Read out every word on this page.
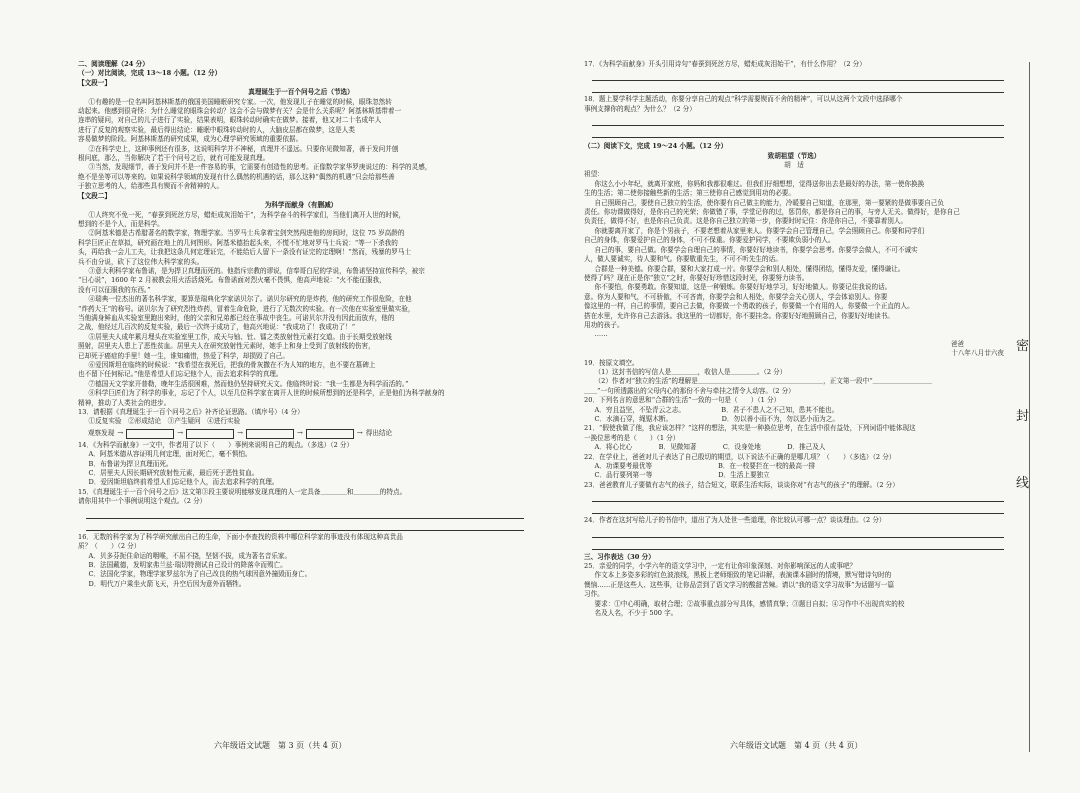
二、阅读理解（24 分）
（一）对比阅读，完成 13～18 小题。（12 分）
【文段一】
真理诞生于一百个问号之后（节选）
①有趣的是一位名叫阿基林斯基的俄国美国睡眠研究专家。一次，他发现儿子在睡觉的时候，眼珠忽然转
动起来。他感到很奇怪：为什么睡觉的眼珠会转动？这会不会与做梦有关？会是什么关系呢？阿基林斯基带着一
连串的疑问，对自己的儿子进行了实验，结果表明，眼珠转动时确实在做梦。接着，他又对二十名成年人
进行了反复的观察实验，最后得出结论：睡眠中眼珠转动时的人，大脑皮层都在做梦，这是人类
容易做梦的阶段。阿基林斯基的研究成果，成为心理学研究领域的重要依据。
②在科学史上，这种事例还有很多，这说明科学并不神秘，真理并不遥远。只要你见微知著，善于发问并刨
根问底，那么，当你解决了若干个问号之后，就有可能发现真理。
③当然，发现细节，善于发问并不是一件容易的事，它需要有创造性的思考。正像数学家华罗庚说过的：科学的灵感，
绝不是坐等可以等来的。如果说科学领域的发现有什么偶然的机遇的话，那么这种“偶然的机遇”只会给那些善
于独立思考的人，给那些具有锲而不舍精神的人。
【文段二】
为科学而献身（有删减）
①人终究不免一死，“春蚕到死丝方尽，蜡炬成灰泪始干”，为科学奋斗的科学家们，当他们离开人世的时候，
想到的不是个人，而是科学。
②阿基米德是古希腊著名的数学家，物理学家。当罗马士兵拿着宝剑突然闯进他的房间时，这位 75 岁高龄的
科学巨匠正在草拟，研究画在地上的几何图形。阿基米德抬起头来，不慌不忙地对罗马士兵说：“等一下杀我的
头，再给我一会儿工夫，让我把这条几何定理证完，不能给后人留下一条没有证完的定理啊！”然而，残暴的罗马士
兵不由分说，砍下了这位伟大科学家的头。
③意大利科学家布鲁诺，是为捍卫真理而死的。他指斥宗教的谬说，信奉哥白尼的学说，布鲁诺坚持宣传科学，被宗
“日心说”，1600 年 2 月被教会用火活活烧死。布鲁诺面对烈火毫不畏惧，他高声地说：“火不能征服我，
没有可以征服我的东西。”
④瑞典一位杰出的著名科学家，要算是瑞典化学家诺贝尔了。诺贝尔研究的是炸药，他的研究工作很危险，在他
“炸药大王”的称号。诺贝尔为了研究烈性炸药，冒着生命危险，进行了无数次的实验。有一次他在实验室里做实验，
当他满身鲜血从实验室里跑出来时，他的父亲和兄弟都已经在事故中丧生。可诺贝尔并没有因此而放弃，他的
之战，他经过几百次的反复实验，最后一次终于成功了，他高兴地说：“我成功了！我成功了！”
⑤居里夫人成年累月埋头在实验室里工作，成天与铀、钍、镭之类放射性元素打交道。由于长期受放射线
照射，居里夫人患上了恶性贫血。居里夫人在研究放射性元素时，她手上和身上受到了放射线的伤害，
已却死于癌症的手里！她一生，谁知痛惜，热爱了科学，却损毁了自己。
⑥爱因斯坦在临终的时候说：“我希望在我死后，把我的骨灰撒在不为人知的地方，也不要在墓碑上
也不留下任何标记。”他是希望人们忘记他个人，而去追求科学的真理。
⑦德国天文学家开普勒，晚年生活很困难，然而他仍坚持研究天文。他临终时说：“我一生都是为科学而活的。”
⑧科学巨匠们为了科学的事业，忘记了个人，以至几位科学家在离开人世的时候所想到的还是科学，正是他们为科学献身的
精神，推动了人类社会的进步。
13．请根据《真理诞生于一百个问号之后》补齐论证思路。（填序号）（4 分）
①反复实验　②形成结论　③产生疑问　④进行实验
观察发现 →	→	→	→	→ 得出结论
14．《为科学而献身》一文中，作者用了以下（　　）事例来说明自己的观点。（多选）（2 分）
A．阿基米德从容证明几何定理，面对死亡，毫不惧怕。
B．布鲁诺为捍卫真理而死。
C．居里夫人因长期研究放射性元素，最后死于恶性贫血。
D．爱因斯坦临终前希望人们忘记他个人，而去追求科学的真理。
15．《真理诞生于一百个问号之后》这文第③段主要说明能够发现真理的人一定具备＿＿＿＿和＿＿＿＿的特点。
请你用其中一个事例说明这个观点。（2 分）
16．无数的科学家为了科学研究献出自己的生命，下面小李查找的资料中哪位科学家的事迹没有体现这种高贵品
质？（　　）（2 分）
A．贝多芬扼住命运的咽喉，不屈不挠，坚韧不拔，成为著名音乐家。
B．法国戴德，发明家弗兰兹·瑞切特测试自己设计的降落伞而殒亡。
C．法国化学家，物理学家罗兹尔为了自己改良的热气球因意外撞毁而身亡。
D．明代万户乘坐火箭飞天，升空后因为意外而牺牲。
17．《为科学而献身》开头引用诗句“春蚕到死丝方尽，蜡炬成灰泪始干”，有什么作用？（2 分）
18．题上要学科学主题活动，你要分享自己的观点“科学需要锲而不舍的精神”，可以从这两个文段中选择哪个
事例支撑你的观点？为什么？（2 分）
（二）阅读下文，完成 19～24 小题。（12 分）
致胡祖望（节选）
胡　适
祖望：
你这么小小年纪，就离开家庭，你妈和我都很难过。但我们仔细想想，觉得送你出去是最好的办法，第一使你换换
生的生活；第二使你接触些新的生活；第三使你自己感觉到用功的必要。
自己照顾自己，要使自己独立的生活，使你要有自己做主的能力，冷暖要自己知道，在那里，第一要紧的是做事要自己负
责任。你功课做得好，是你自己的光荣；你做错了事，学堂记你的过，惩罚你，都是你自己的事，与旁人无关。做得好，是你自己
负责任，做得不好，也是你自己负责。这是你自己独立的第一步，你要时时记住：你是你自己，不要靠着别人。
你就要离开家了，你是个男孩子，不要老想着从家里来人。你要学会自己管理自己，学会照顾自己。你要和同学们
自己的身体，你要爱护自己的身体，不可不保重。你要爱护同学，不要欺负弱小的人。
自己的事，要自己做。你要学会自理自己的事情，你要好好地读书，你要学会思考。你要学会做人，不可不诚实
人，做人要诚实，待人要和气。你要敬重先生，不可不听先生的话。
合群是一种美德。你要合群，要和大家打成一片。你要学会和别人相处，懂得团结，懂得友爱，懂得谦让。
使得了吗？现在正是你“独立”之时，你要好好珍惜这段时光，你要努力读书。
你不要怕，你要勇敢。你要知道，这是一种锻炼。你要好好地学习，好好地做人。你要记住我说的话。
意。你为人要和气，不可骄傲，不可吝啬，你要学会和人相处，你要学会关心别人，学会体谅别人。你要
像这里的一样，自己的事情，要自己去做，你要做一个勇敢的孩子，你要做一个有用的人，你要做一个正直的人。
搭在水里，允许你自己去游泳。我这里的一切都好，你不要挂念。你要好好地照顾自己，你要好好地读书。
用功的孩子。
……
爸爸
十八年八月廿六夜
19．按原文填空。
（1）这封书信的写信人是＿＿＿＿，收信人是＿＿＿＿。（2 分）
（2）作者对“独立的生活”的理解是＿＿＿＿＿＿＿＿＿＿＿＿＿＿＿＿＿＿＿，正文第一段中“＿＿＿＿＿＿＿＿＿
＿＿”一句所透露出的父母内心的那份不舍与牵挂之情令人动容。（2 分）
20．下列名言的意思和“合群的生活”一致的一句是（　　）（1 分）
A．穷且益坚，不坠青云之志。　　　　　　B．君子不患人之不己知，患其不能也。
C．水滴石穿，绳锯木断。　　　　　　　　D．勿以善小而不为，勿以恶小而为之。
21．“假使我做了他，我应该怎样？”这样的想法，其实是一种换位思考，在生活中很有益处，下列词语中能体现这
一换位思考的是（　　）（1 分）
A．将心比心　　　　B．见微知著　　　　C．设身处地　　　　D．推己及人
22．在学业上，爸爸对儿子表达了自己殷切的期望，以下说法不正确的是哪几项？（　　）（多选）（2 分）
A．功课要考最优等　　　　　　　　　　B．在一校要拦在一校的最高一排
C．品行要列第一等　　　　　　　　　　D．生活上要独立
23．爸爸教育儿子要做有志气的孩子，结合短文，联系生活实际，谈谈你对“有志气的孩子”的理解。（2 分）
24．作者在这封写给儿子的书信中，道出了为人处世一些道理，你比较认可哪一点？谈谈理由。（2 分）
三、习作表达（30 分）
25．亲爱的同学，小学六年的语文学习中，一定有让你印象深刻、对你影响深远的人或事吧？
作文本上多姿多彩的红色波浪线，黑板上老师细致的笔记讲解，表演课本剧时的情境，默写错诗句时的
懊恼……正是这些人、这些事，让你品尝到了语文学习的酸甜苦辣。请以“我的语文学习故事”为话题写一篇
习作。
要求：①中心明确，取材合理；②故事重点部分写具体，感情真挚；③题目自拟；④习作中不出现真实的校
名及人名，不少于 500 字。
六年级语文试题　第 3 页（共 4 页）	六年级语文试题　第 4 页（共 4 页）
密
封
线
